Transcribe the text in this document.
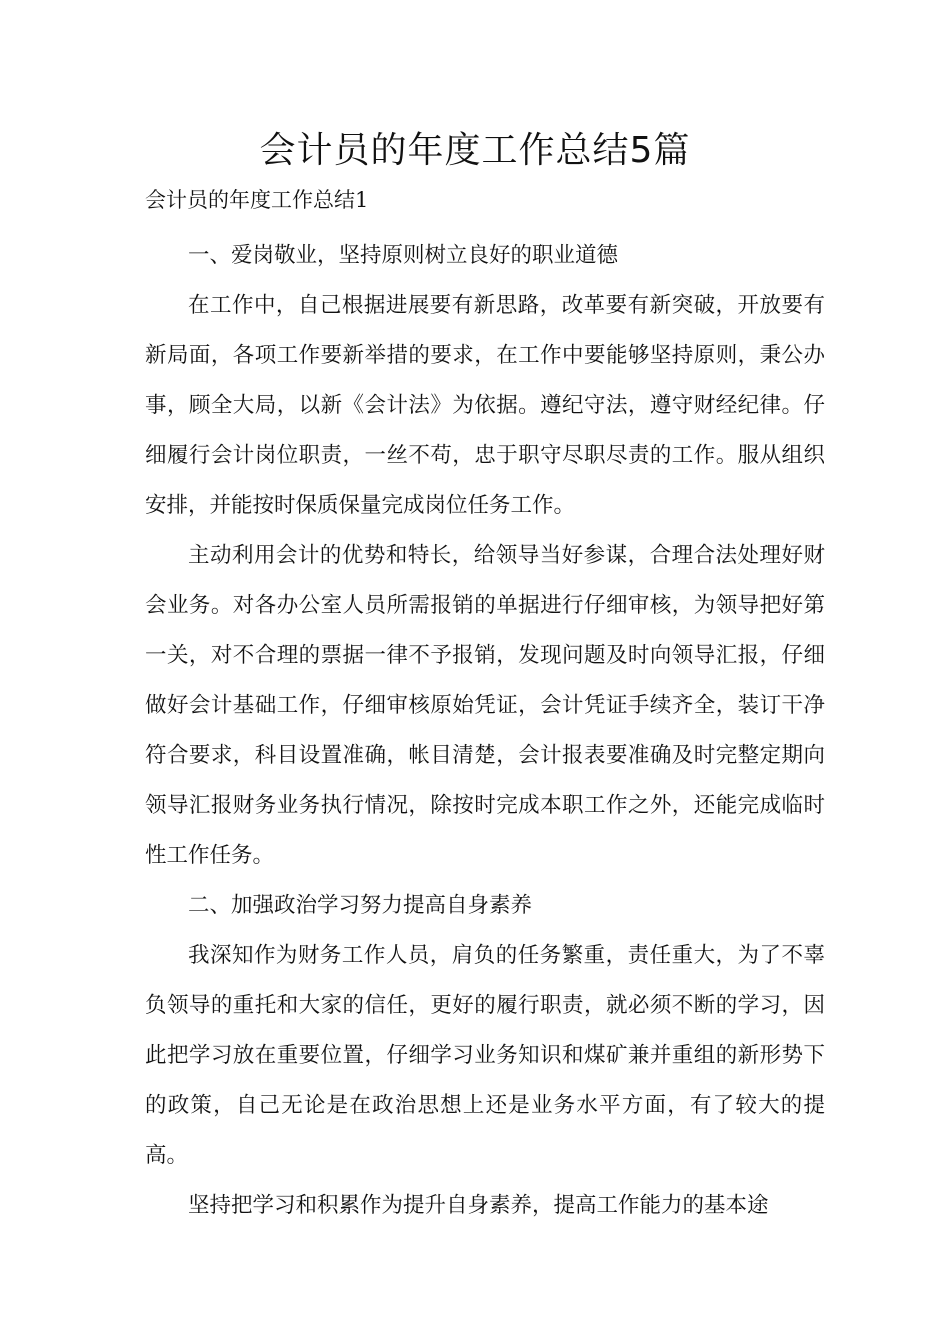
会计员的年度工作总结5篇

会计员的年度工作总结1

一、爱岗敬业，坚持原则树立良好的职业道德

在工作中，自己根据进展要有新思路，改革要有新突破，开放要有新局面，各项工作要新举措的要求，在工作中要能够坚持原则，秉公办事，顾全大局，以新《会计法》为依据。遵纪守法，遵守财经纪律。仔细履行会计岗位职责，一丝不苟，忠于职守尽职尽责的工作。服从组织安排，并能按时保质保量完成岗位任务工作。

主动利用会计的优势和特长，给领导当好参谋，合理合法处理好财会业务。对各办公室人员所需报销的单据进行仔细审核，为领导把好第一关，对不合理的票据一律不予报销，发现问题及时向领导汇报，仔细做好会计基础工作，仔细审核原始凭证，会计凭证手续齐全，装订干净符合要求，科目设置准确，帐目清楚，会计报表要准确及时完整定期向领导汇报财务业务执行情况，除按时完成本职工作之外，还能完成临时性工作任务。

二、加强政治学习努力提高自身素养

我深知作为财务工作人员，肩负的任务繁重，责任重大，为了不辜负领导的重托和大家的信任，更好的履行职责，就必须不断的学习，因此把学习放在重要位置，仔细学习业务知识和煤矿兼并重组的新形势下的政策，自己无论是在政治思想上还是业务水平方面，有了较大的提高。

坚持把学习和积累作为提升自身素养，提高工作能力的基本途
